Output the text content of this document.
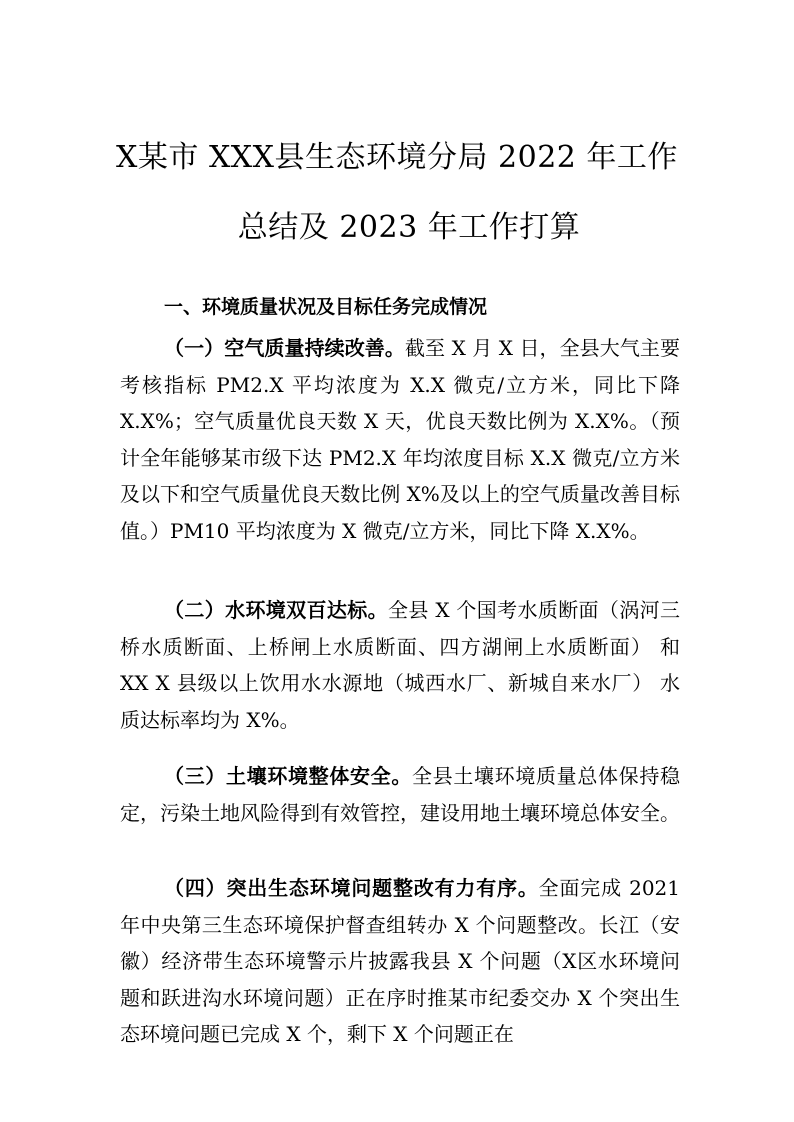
X某市 XXX县生态环境分局 2022 年工作
总结及 2023 年工作打算
一、环境质量状况及目标任务完成情况

（一）空气质量持续改善。截至 X 月 X 日，全县大气主要考核指标 PM2.X 平均浓度为 X.X 微克/立方米，同比下降 X.X%；空气质量优良天数 X 天，优良天数比例为 X.X%。（预计全年能够某市级下达 PM2.X 年均浓度目标 X.X 微克/立方米及以下和空气质量优良天数比例 X%及以上的空气质量改善目标值。）PM10 平均浓度为 X 微克/立方米，同比下降 X.X%。

（二）水环境双百达标。全县 X 个国考水质断面（涡河三桥水质断面、上桥闸上水质断面、四方湖闸上水质断面） 和 XX X 县级以上饮用水水源地（城西水厂、新城自来水厂） 水质达标率均为 X%。

（三）土壤环境整体安全。全县土壤环境质量总体保持稳定，污染土地风险得到有效管控，建设用地土壤环境总体安全。

（四）突出生态环境问题整改有力有序。全面完成 2021 年中央第三生态环境保护督查组转办 X 个问题整改。长江（安徽）经济带生态环境警示片披露我县 X 个问题（X区水环境问题和跃进沟水环境问题）正在序时推某市纪委交办 X 个突出生态环境问题已完成 X 个，剩下 X 个问题正在
